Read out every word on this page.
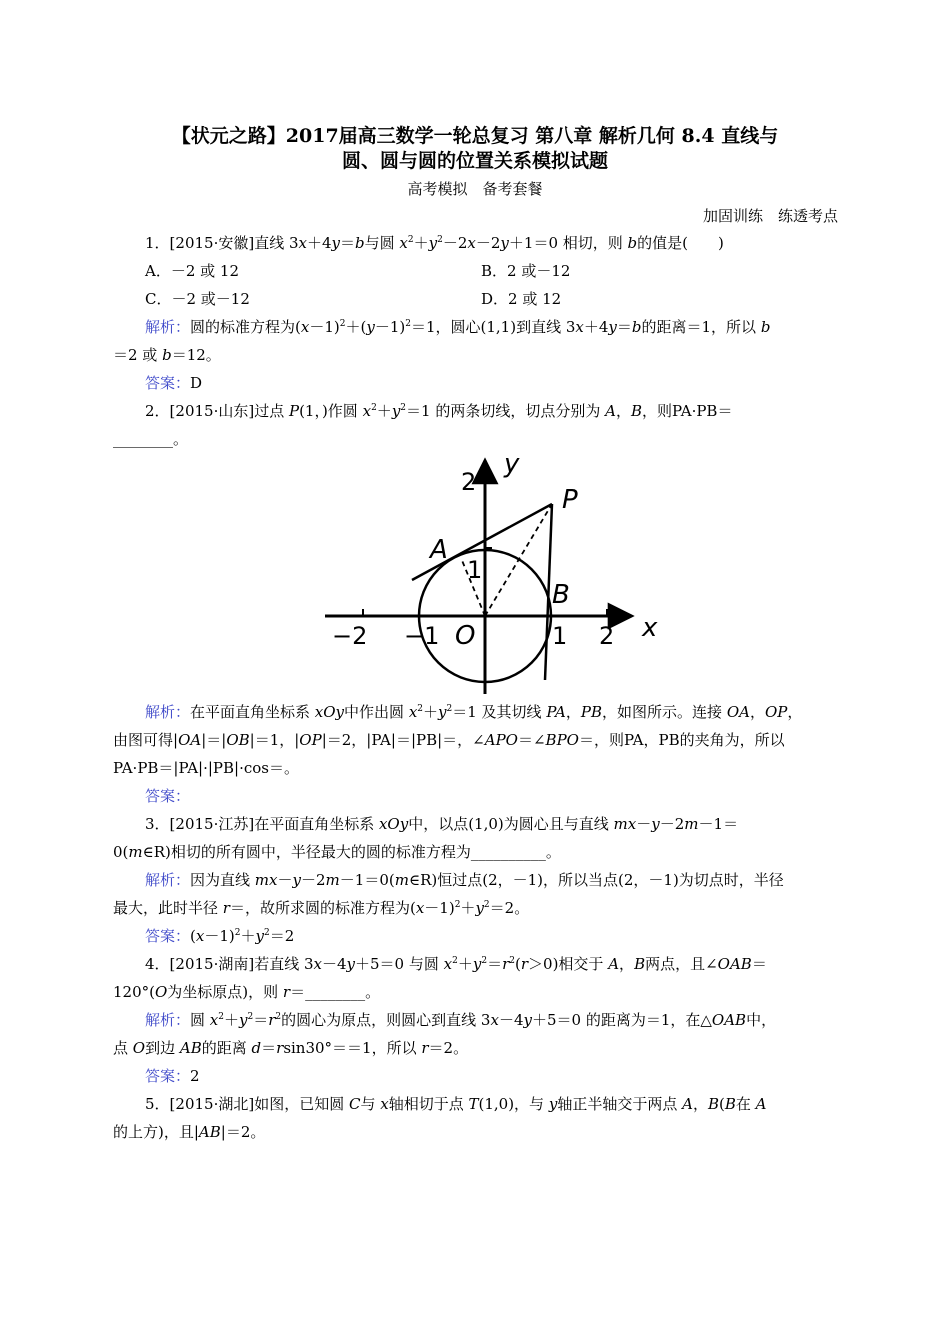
【状元之路】2017届高三数学一轮总复习 第八章 解析几何 8.4 直线与
圆、圆与圆的位置关系模拟试题
高考模拟　备考套餐
加固训练　练透考点
1．[2015·安徽]直线 3x＋4y＝b与圆 $x^2+y^2-2x-2y+1=0$ 相切，则 b的值是(　　)
A．－2 或 12	B．2 或－12
C．－2 或－12	D．2 或 12
解析：圆的标准方程为$(x-1)^2+(y-1)^2=1$，圆心(1,1)到直线 3x＋4y＝b的距离＝1，所以 b
＝2 或 b＝12。
答案：D
2．[2015·山东]过点 P(1，)作圆 $x^2+y^2=1$ 的两条切线，切点分别为 A，B，则PA·PB＝
________。
y
x
2
1
−2 −1	1 2
O
P
A
B
解析：在平面直角坐标系 xOy中作出圆 $x^2+y^2=1$ 及其切线 PA，PB，如图所示。连接 OA，OP，
由图可得|OA|＝|OB|＝1，|OP|＝2，|PA|＝|PB|＝，∠APO＝∠BPO＝，则PA，PB的夹角为，所以
PA·PB＝|PA|·|PB|·cos＝。
答案：
3．[2015·江苏]在平面直角坐标系 xOy中，以点(1,0)为圆心且与直线 mx－y－2m－1＝
0(m∈R)相切的所有圆中，半径最大的圆的标准方程为__________。
解析：因为直线 mx－y－2m－1＝0(m∈R)恒过点(2，－1)，所以当点(2，－1)为切点时，半径
最大，此时半径 r＝，故所求圆的标准方程为$(x-1)^2+y^2=2$。
答案：$(x-1)^2+y^2=2$
4．[2015·湖南]若直线 3x－4y＋5＝0 与圆 $x^2+y^2=r^2(r>0)$相交于 A，B两点，且∠OAB＝
120°(O为坐标原点)，则 r＝________。
解析：圆 $x^2+y^2=r^2$的圆心为原点，则圆心到直线 3x－4y＋5＝0 的距离为＝1，在△OAB中，
点 O到边 AB的距离 d＝rsin30°＝＝1，所以 r＝2。
答案：2
5．[2015·湖北]如图，已知圆 C与 x轴相切于点 T(1,0)，与 y轴正半轴交于两点 A，B(B在 A
的上方)，且|AB|＝2。
